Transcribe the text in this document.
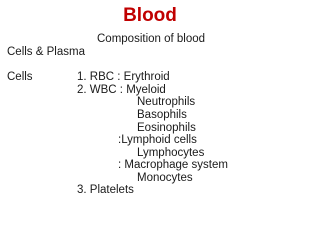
Blood
Composition of blood
Cells & Plasma
Cells	1. RBC : Erythroid
2. WBC : Myeloid
Neutrophils
Basophils
Eosinophils
:Lymphoid cells
Lymphocytes
: Macrophage system
Monocytes
3. Platelets
